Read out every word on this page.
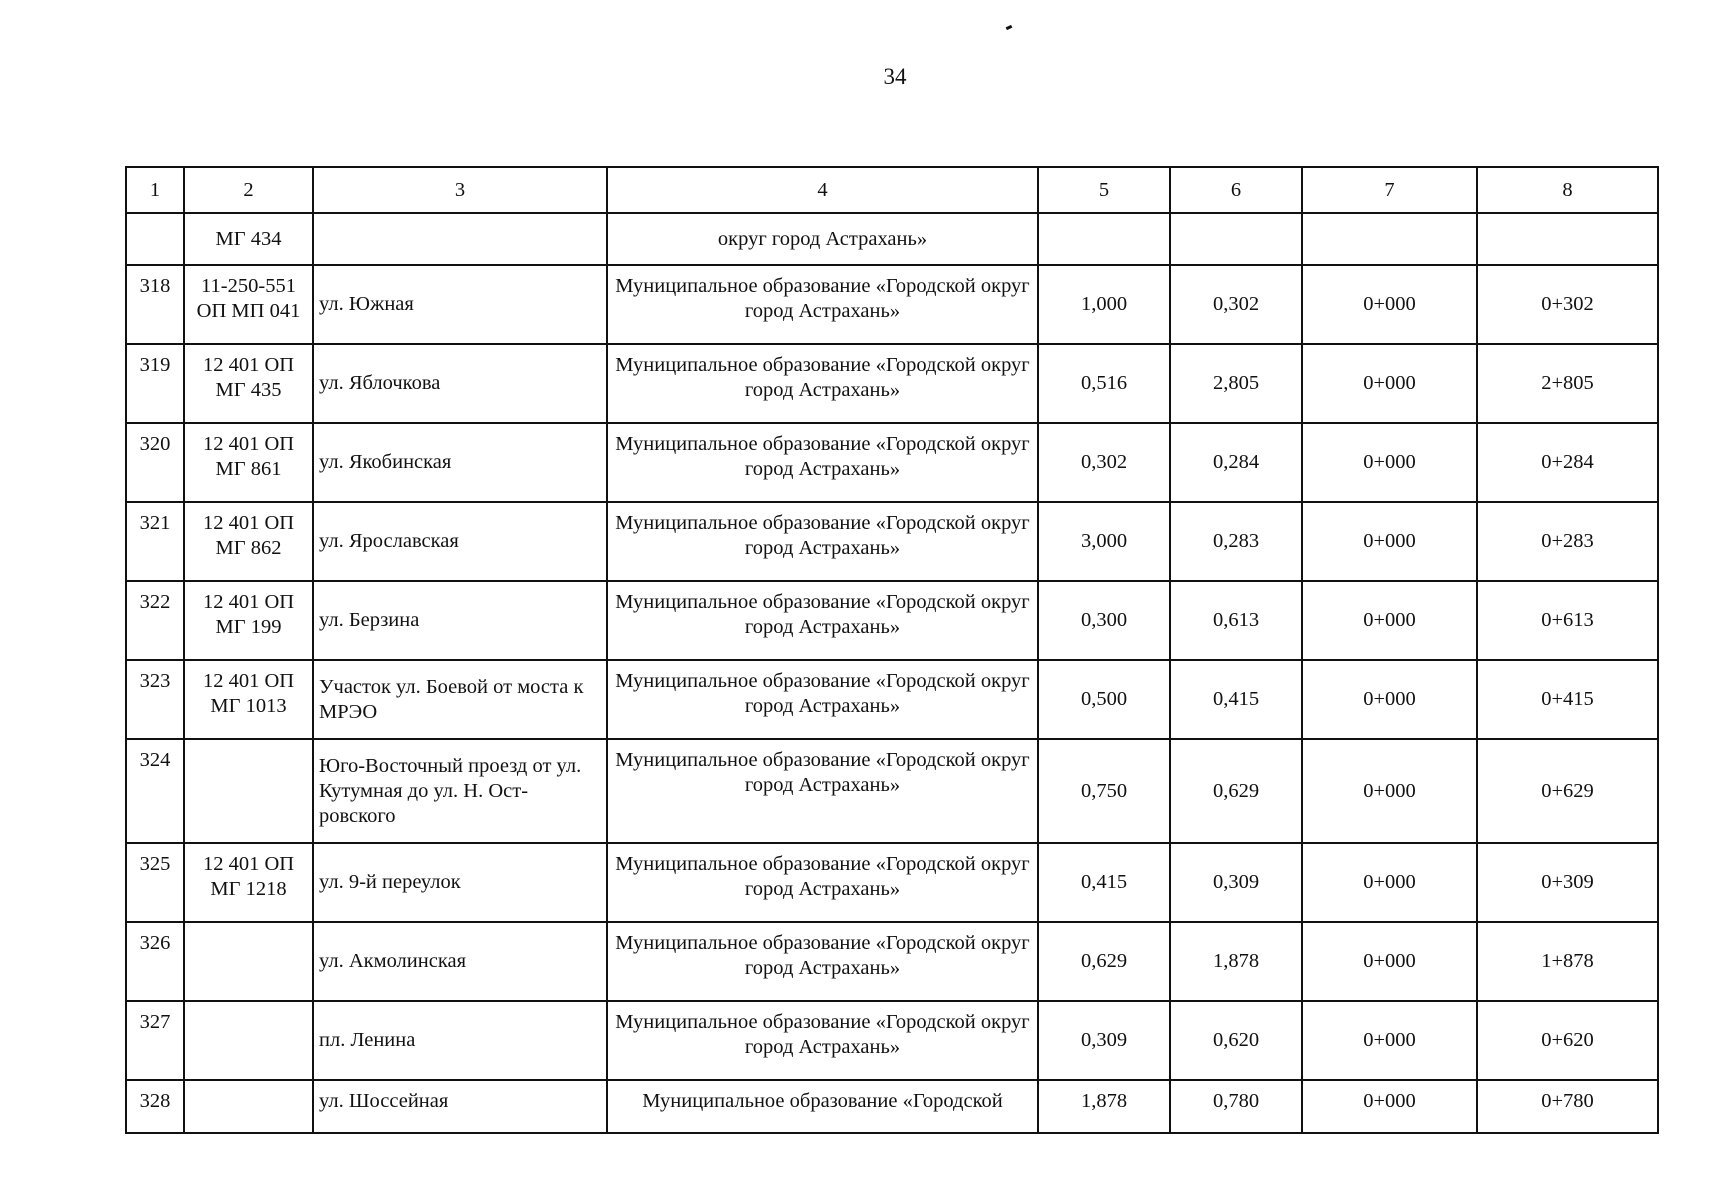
34
1	2	3	4	5	6	7	8
	МГ 434		округ город Астрахань»				
318	11-250-551 ОП МП 041	ул. Южная	Муниципальное образование «Городской округ город Астрахань»	1,000	0,302	0+000	0+302
319	12 401 ОП МГ 435	ул. Яблочкова	Муниципальное образование «Городской округ город Астрахань»	0,516	2,805	0+000	2+805
320	12 401 ОП МГ 861	ул. Якобинская	Муниципальное образование «Городской округ город Астрахань»	0,302	0,284	0+000	0+284
321	12 401 ОП МГ 862	ул. Ярославская	Муниципальное образование «Городской округ город Астрахань»	3,000	0,283	0+000	0+283
322	12 401 ОП МГ 199	ул. Берзина	Муниципальное образование «Городской округ город Астрахань»	0,300	0,613	0+000	0+613
323	12 401 ОП МГ 1013	Участок ул. Боевой от моста к МРЭО	Муниципальное образование «Городской округ город Астрахань»	0,500	0,415	0+000	0+415
324		Юго-Восточный проезд от ул. Кутумная до ул. Н. Ост-ровского	Муниципальное образование «Городской округ город Астрахань»	0,750	0,629	0+000	0+629
325	12 401 ОП МГ 1218	ул. 9-й переулок	Муниципальное образование «Городской округ город Астрахань»	0,415	0,309	0+000	0+309
326		ул. Акмолинская	Муниципальное образование «Городской округ город Астрахань»	0,629	1,878	0+000	1+878
327		пл. Ленина	Муниципальное образование «Городской округ город Астрахань»	0,309	0,620	0+000	0+620
328		ул. Шоссейная	Муниципальное образование «Городской	1,878	0,780	0+000	0+780
